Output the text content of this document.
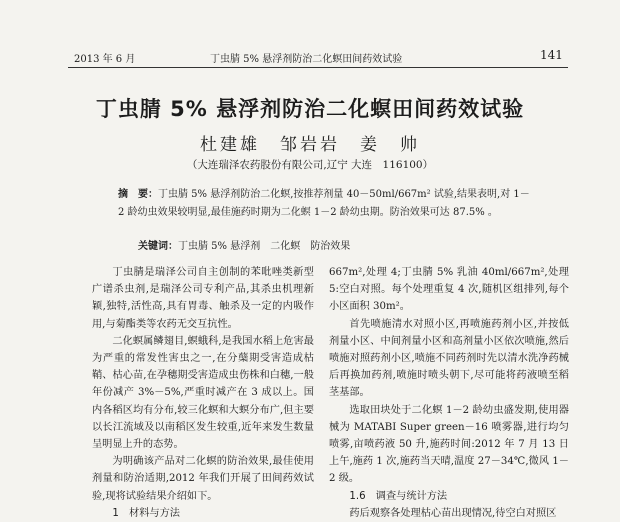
2013 年 6 月	丁虫腈 5% 悬浮剂防治二化螟田间药效试验	141
丁虫腈 5% 悬浮剂防治二化螟田间药效试验
杜建雄　邹岩岩　姜　帅
（大连瑞泽农药股份有限公司,辽宁 大连　116100）
摘　要：丁虫腈 5% 悬浮剂防治二化螟,按推荐剂量 40－50ml/667m² 试验,结果表明,对 1－2 龄幼虫效果较明显,最佳施药时期为二化螟 1－2 龄幼虫期。防治效果可达 87.5% 。
关键词：丁虫腈 5% 悬浮剂　二化螟　防治效果

丁虫腈是瑞泽公司自主创制的苯吡唑类新型广谱杀虫剂,是瑞泽公司专利产品,其杀虫机理新颖,独特,活性高,具有胃毒、触杀及一定的内吸作用,与菊酯类等农药无交互抗性。

二化螟属鳞翅目,螟蛾科,是我国水稻上危害最为严重的常发性害虫之一,在分蘖期受害造成枯鞘、枯心苗,在孕穗期受害造成虫伤株和白穗,一般年份减产 3%－5%,严重时减产在 3 成以上。国内各稻区均有分布,较三化螟和大螟分布广,但主要以长江流域及以南稻区发生较重,近年来发生数量呈明显上升的态势。

为明确该产品对二化螟的防治效果,最佳使用剂量和防治适期,2012 年我们开展了田间药效试验,现将试验结果介绍如下。

1　材料与方法

667m²,处理 4;丁虫腈 5% 乳油 40ml/667m²,处理 5:空白对照。每个处理重复 4 次,随机区组排列,每个小区面积 30m²。

首先喷施清水对照小区,再喷施药剂小区,并按低剂量小区、中间剂量小区和高剂量小区依次喷施,然后喷施对照药剂小区,喷施不同药剂时先以清水洗净药械后再换加药剂,喷施时喷头朝下,尽可能将药液喷至稻茎基部。

选取田块处于二化螟 1－2 龄幼虫盛发期,使用器械为 MATABI Super green－16 喷雾器,进行均匀喷雾,亩喷药液 50 升,施药时间:2012 年 7 月 13 日上午,施药 1 次,施药当天晴,温度 27－34℃,微风 1－2 级。

1.6　调查与统计方法

药后观察各处理枯心苗出现情况,待空白对照区
